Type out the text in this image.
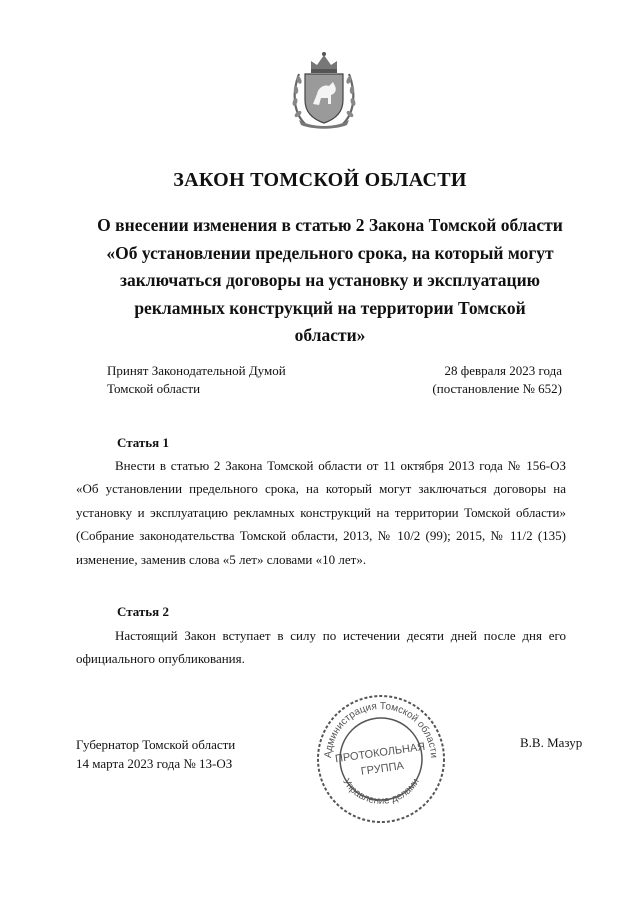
ЗАКОН ТОМСКОЙ ОБЛАСТИ
О внесении изменения в статью 2 Закона Томской области
«Об установлении предельного срока, на который могут
заключаться договоры на установку и эксплуатацию
рекламных конструкций на территории Томской
области»
Принят Законодательной Думой
Томской области
28 февраля 2023 года
(постановление № 652)
Статья 1
Внести в статью 2 Закона Томской области от 11 октября 2013 года № 156-ОЗ «Об установлении предельного срока, на который могут заключаться договоры на установку и эксплуатацию рекламных конструкций на территории Томской области» (Собрание законодательства Томской области, 2013, № 10/2 (99); 2015, № 11/2 (135) изменение, заменив слова «5 лет» словами «10 лет».
Статья 2
Настоящий Закон вступает в силу по истечении десяти дней после дня его официального опубликования.
Губернатор Томской области
14 марта 2023 года № 13-ОЗ
В.В. Мазур
Администрация Томской области
Управление делами
ПРОТОКОЛЬНАЯ
ГРУППА
